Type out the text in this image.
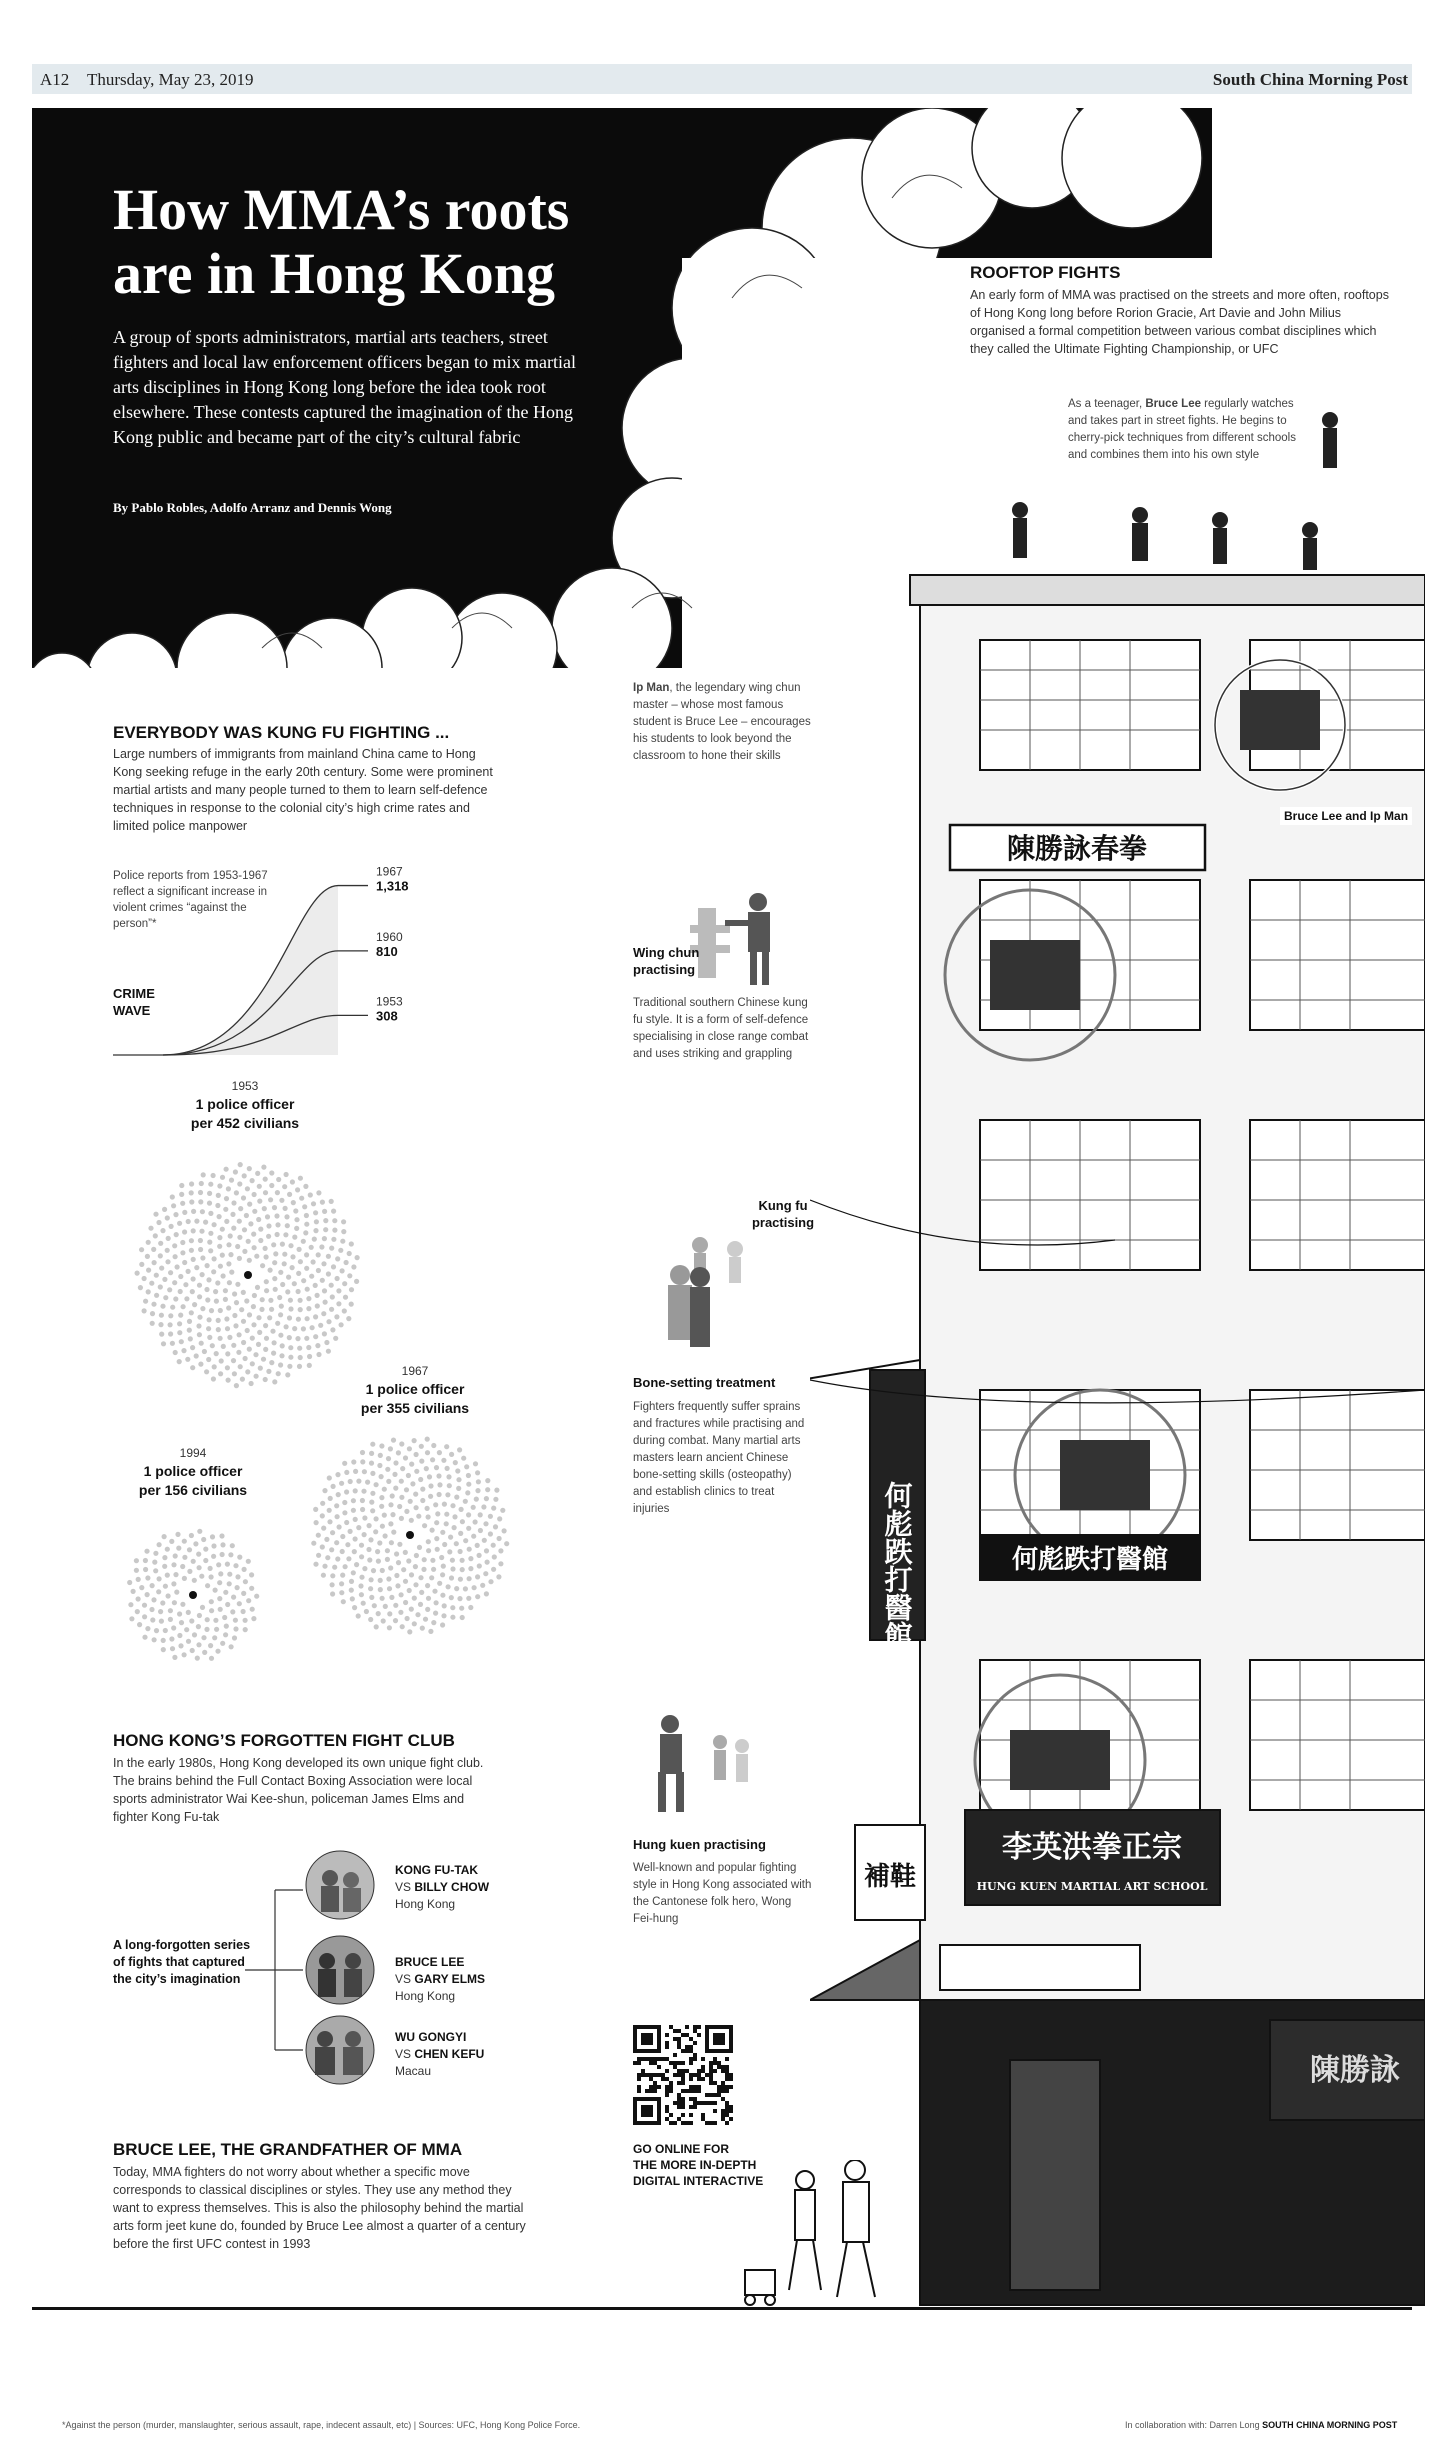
A12 Thursday, May 23, 2019	South China Morning Post
How MMA’s roots
are in Hong Kong
A group of sports administrators, martial arts teachers, street fighters and local law enforcement officers began to mix martial arts disciplines in Hong Kong long before the idea took root elsewhere. These contests captured the imagination of the Hong Kong public and became part of the city’s cultural fabric
By Pablo Robles, Adolfo Arranz and Dennis Wong
ROOFTOP FIGHTS
An early form of MMA was practised on the streets and more often, rooftops of Hong Kong long before Rorion Gracie, Art Davie and John Milius organised a formal competition between various combat disciplines which they called the Ultimate Fighting Championship, or UFC
As a teenager, Bruce Lee regularly watches and takes part in street fights. He begins to cherry-pick techniques from different schools and combines them into his own style
陳勝詠春拳
何彪跌打醫館	何彪跌打醫館
李英洪拳正宗
HUNG KUEN MARTIAL ART SCHOOL
補鞋
陳勝詠
Bruce Lee and Ip Man
EVERYBODY WAS KUNG FU FIGHTING ...
Large numbers of immigrants from mainland China came to Hong Kong seeking refuge in the early 20th century. Some were prominent martial artists and many people turned to them to learn self-defence techniques in response to the colonial city’s high crime rates and limited police manpower
Police reports from 1953-1967 reflect a significant increase in violent crimes “against the person”*
CRIME
WAVE
1967
1,318
1960
810
1953
308
1953
1 police officer
per 452 civilians
1967
1 police officer
per 355 civilians
1994
1 police officer
per 156 civilians
Ip Man, the legendary wing chun master – whose most famous student is Bruce Lee – encourages his students to look beyond the classroom to hone their skills
Wing chun
practising
Traditional southern Chinese kung fu style. It is a form of self-defence specialising in close range combat and uses striking and grappling
Kung fu
practising
Bone-setting treatment
Fighters frequently suffer sprains and fractures while practising and during combat. Many martial arts masters learn ancient Chinese bone-setting skills (osteopathy) and establish clinics to treat injuries
Hung kuen practising
Well-known and popular fighting style in Hong Kong associated with the Cantonese folk hero, Wong Fei-hung
GO ONLINE FOR
THE MORE IN-DEPTH
DIGITAL INTERACTIVE
HONG KONG’S FORGOTTEN FIGHT CLUB
In the early 1980s, Hong Kong developed its own unique fight club. The brains behind the Full Contact Boxing Association were local sports administrator Wai Kee-shun, policeman James Elms and fighter Kong Fu-tak
A long-forgotten series of fights that captured the city’s imagination
KONG FU-TAK
VS BILLY CHOW
Hong Kong
BRUCE LEE
VS GARY ELMS
Hong Kong
WU GONGYI
VS CHEN KEFU
Macau
BRUCE LEE, THE GRANDFATHER OF MMA
Today, MMA fighters do not worry about whether a specific move corresponds to classical disciplines or styles. They use any method they want to express themselves. This is also the philosophy behind the martial arts form jeet kune do, founded by Bruce Lee almost a quarter of a century before the first UFC contest in 1993
*Against the person (murder, manslaughter, serious assault, rape, indecent assault, etc) | Sources: UFC, Hong Kong Police Force.	In collaboration with: Darren Long SOUTH CHINA MORNING POST
